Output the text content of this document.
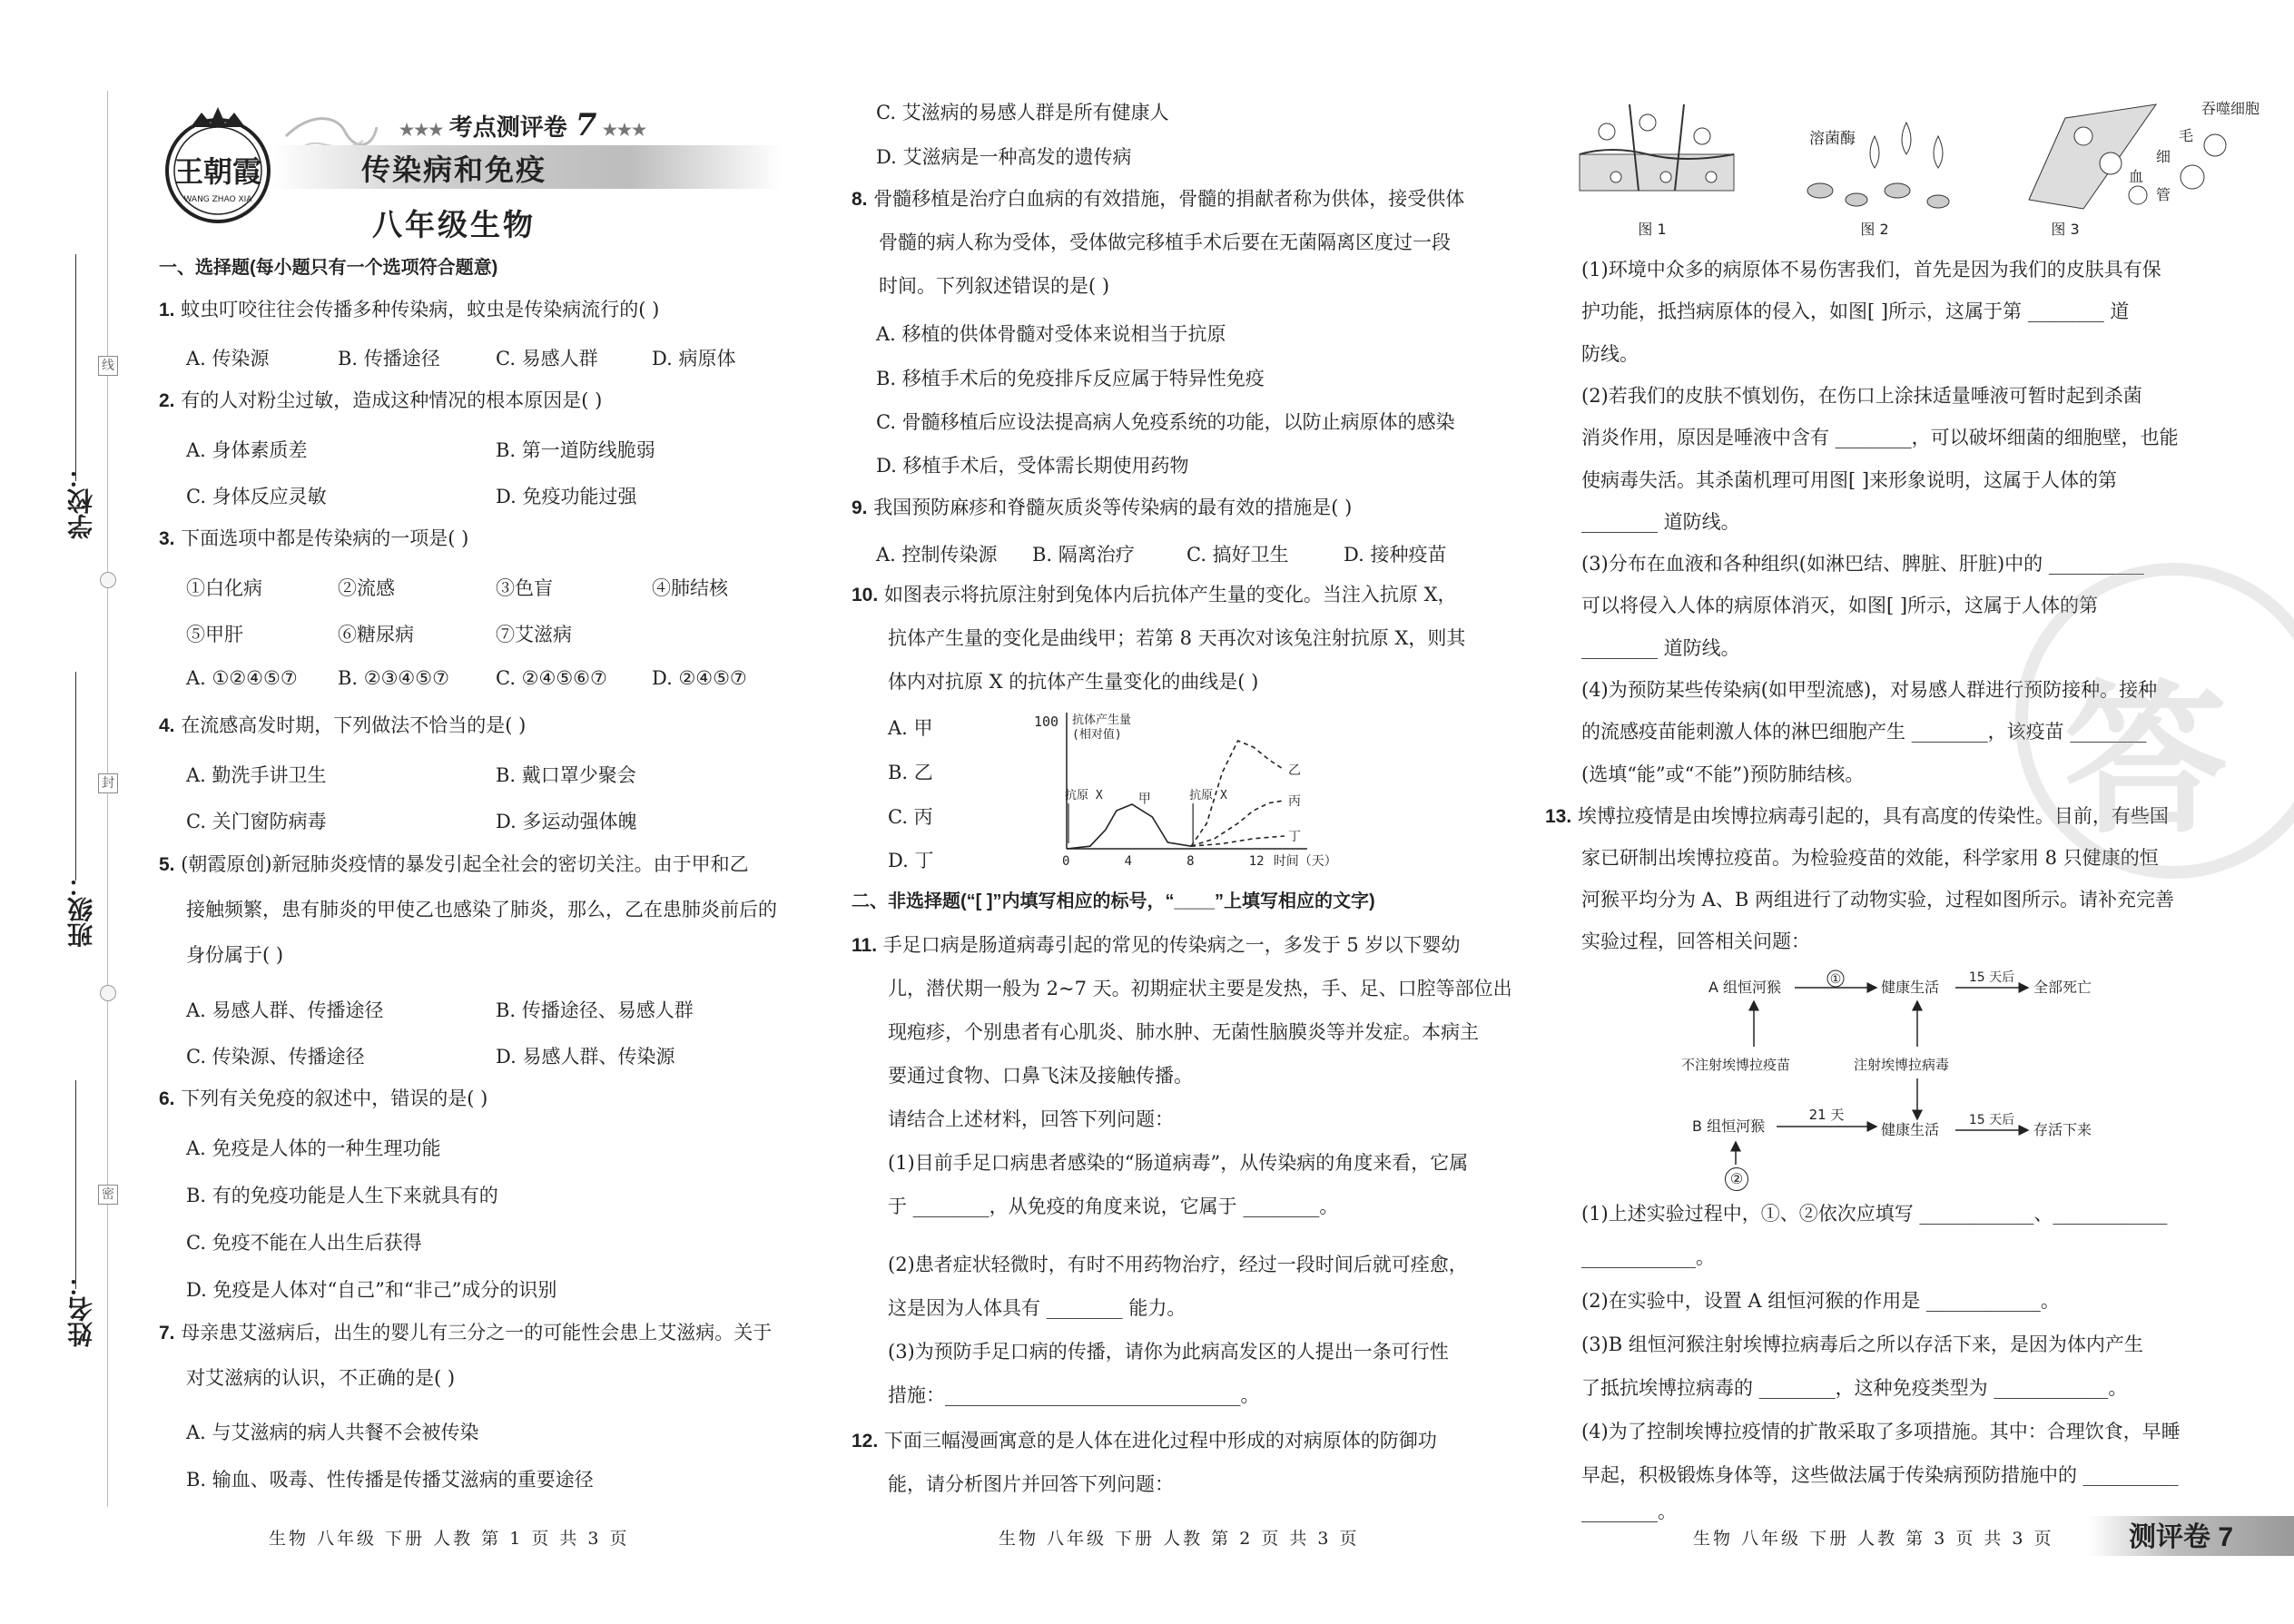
学校：
班级：
姓名：
线
封
密
王朝霞
WANG ZHAO XIA
★★★ 考点测评卷 7 ★★★
传染病和免疫
八年级生物
一、选择题(每小题只有一个选项符合题意)
1. 蚊虫叮咬往往会传播多种传染病，蚊虫是传染病流行的( )
A. 传染源	B. 传播途径	C. 易感人群	D. 病原体
2. 有的人对粉尘过敏，造成这种情况的根本原因是( )
A. 身体素质差	B. 第一道防线脆弱
C. 身体反应灵敏	D. 免疫功能过强
3. 下面选项中都是传染病的一项是( )
①白化病	②流感	③色盲	④肺结核
⑤甲肝	⑥糖尿病	⑦艾滋病
A. ①②④⑤⑦ B. ②③④⑤⑦ C. ②④⑤⑥⑦ D. ②④⑤⑦
4. 在流感高发时期，下列做法不恰当的是( )
A. 勤洗手讲卫生	B. 戴口罩少聚会
C. 关门窗防病毒	D. 多运动强体魄
5. (朝霞原创)新冠肺炎疫情的暴发引起全社会的密切关注。由于甲和乙
接触频繁，患有肺炎的甲使乙也感染了肺炎，那么，乙在患肺炎前后的
身份属于( )
A. 易感人群、传播途径	B. 传播途径、易感人群
C. 传染源、传播途径	D. 易感人群、传染源
6. 下列有关免疫的叙述中，错误的是( )
A. 免疫是人体的一种生理功能
B. 有的免疫功能是人生下来就具有的
C. 免疫不能在人出生后获得
D. 免疫是人体对“自己”和“非己”成分的识别
7. 母亲患艾滋病后，出生的婴儿有三分之一的可能性会患上艾滋病。关于
对艾滋病的认识，不正确的是( )
A. 与艾滋病的病人共餐不会被传染
B. 输血、吸毒、性传播是传播艾滋病的重要途径
生物 八年级 下册 人教 第 1 页 共 3 页
C. 艾滋病的易感人群是所有健康人
D. 艾滋病是一种高发的遗传病
8. 骨髓移植是治疗白血病的有效措施，骨髓的捐献者称为供体，接受供体
骨髓的病人称为受体，受体做完移植手术后要在无菌隔离区度过一段
时间。下列叙述错误的是( )
A. 移植的供体骨髓对受体来说相当于抗原
B. 移植手术后的免疫排斥反应属于特异性免疫
C. 骨髓移植后应设法提高病人免疫系统的功能，以防止病原体的感染
D. 移植手术后，受体需长期使用药物
9. 我国预防麻疹和脊髓灰质炎等传染病的最有效的措施是( )
A. 控制传染源 B. 隔离治疗	C. 搞好卫生	D. 接种疫苗
10. 如图表示将抗原注射到兔体内后抗体产生量的变化。当注入抗原 X，
抗体产生量的变化是曲线甲；若第 8 天再次对该兔注射抗原 X，则其
体内对抗原 X 的抗体产生量变化的曲线是( )
A. 甲
B. 乙
C. 丙
D. 丁
100 抗体产生量
(相对值)
0	4	8	12 时间（天）
抗原 X	抗原 X
甲
乙
丙
丁
二、非选择题(“[ ]”内填写相应的标号，“____”上填写相应的文字)
11. 手足口病是肠道病毒引起的常见的传染病之一，多发于 5 岁以下婴幼
儿，潜伏期一般为 2~7 天。初期症状主要是发热，手、足、口腔等部位出
现疱疹，个别患者有心肌炎、肺水肿、无菌性脑膜炎等并发症。本病主
要通过食物、口鼻飞沫及接触传播。
请结合上述材料，回答下列问题：
(1)目前手足口病患者感染的“肠道病毒”，从传染病的角度来看，它属
于 ________，从免疫的角度来说，它属于 ________。
(2)患者症状轻微时，有时不用药物治疗，经过一段时间后就可痊愈，
这是因为人体具有 ________ 能力。
(3)为预防手足口病的传播，请你为此病高发区的人提出一条可行性
措施：_______________________________。
12. 下面三幅漫画寓意的是人体在进化过程中形成的对病原体的防御功
能，请分析图片并回答下列问题：
生物 八年级 下册 人教 第 2 页 共 3 页
溶菌酶
吞噬细胞
毛
细
血
管
图 1	图 2	图 3
(1)环境中众多的病原体不易伤害我们，首先是因为我们的皮肤具有保
护功能，抵挡病原体的侵入，如图[ ]所示，这属于第 ________ 道
防线。
(2)若我们的皮肤不慎划伤，在伤口上涂抹适量唾液可暂时起到杀菌
消炎作用，原因是唾液中含有 ________，可以破坏细菌的细胞壁，也能
使病毒失活。其杀菌机理可用图[ ]来形象说明，这属于人体的第
________ 道防线。
(3)分布在血液和各种组织(如淋巴结、脾脏、肝脏)中的 __________
可以将侵入人体的病原体消灭，如图[ ]所示，这属于人体的第
________ 道防线。
(4)为预防某些传染病(如甲型流感)，对易感人群进行预防接种。接种
的流感疫苗能刺激人体的淋巴细胞产生 ________，该疫苗 ________
(选填“能”或“不能”)预防肺结核。
13. 埃博拉疫情是由埃博拉病毒引起的，具有高度的传染性。目前，有些国
家已研制出埃博拉疫苗。为检验疫苗的效能，科学家用 8 只健康的恒
河猴平均分为 A、B 两组进行了动物实验，过程如图所示。请补充完善
实验过程，回答相关问题：
A 组恒河猴	①	健康生活
15 天后
全部死亡
不注射埃博拉疫苗	注射埃博拉病毒
B 组恒河猴
21 天
健康生活
15 天后
存活下来
②
(1)上述实验过程中，①、②依次应填写 ____________、____________
____________。
(2)在实验中，设置 A 组恒河猴的作用是 ____________。
(3)B 组恒河猴注射埃博拉病毒后之所以存活下来，是因为体内产生
了抵抗埃博拉病毒的 ________，这种免疫类型为 ____________。
(4)为了控制埃博拉疫情的扩散采取了多项措施。其中：合理饮食，早睡
早起，积极锻炼身体等，这些做法属于传染病预防措施中的 __________
________。
答
生物 八年级 下册 人教 第 3 页 共 3 页	测评卷 7
